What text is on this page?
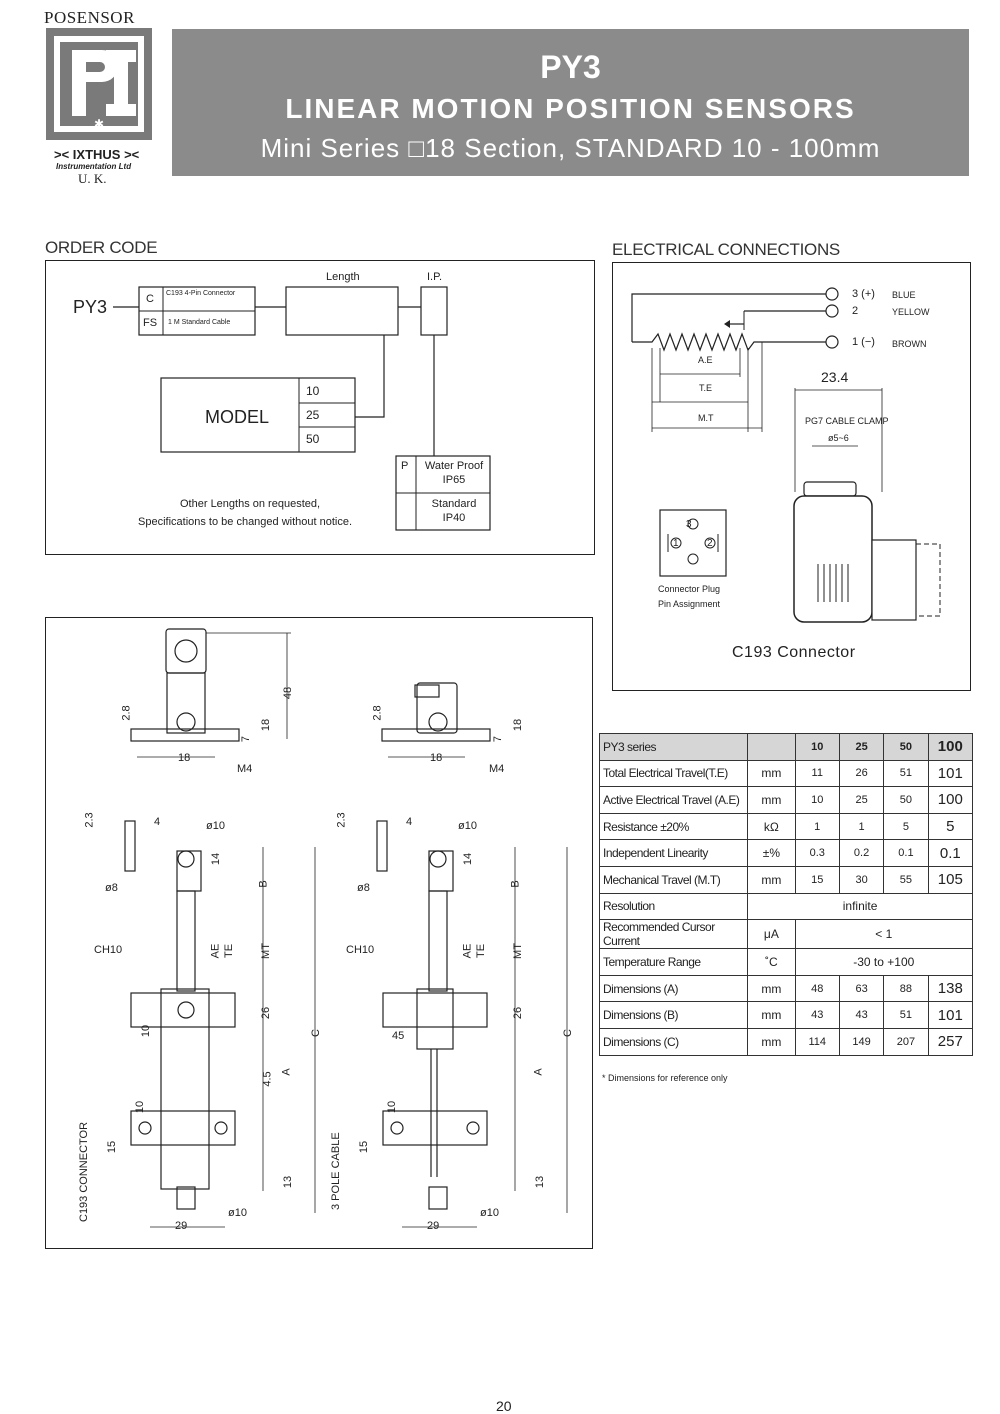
POSENSOR
✱
>< IXTHUS ><
Instrumentation Ltd
U. K.
PY3
LINEAR MOTION POSITION SENSORS
Mini Series □18 Section, STANDARD 10 - 100mm
ORDER CODE
PY3	C C193 4-Pin Connector
FS 1 M Standard Cable
Length	I.P.
MODEL
10
25
50
P	Water Proof IP65
Standard IP40
Other Lengths on requested,
Specifications to be changed without notice.
ELECTRICAL CONNECTIONS
3 (+) BLUE
2	YELLOW
1 (−) BROWN
A.E
T.E
M.T
23.4
PG7 CABLE CLAMP
ø5~6
3
1	2
Connector Plug
Pin Assignment
C193 Connector
2.8
18
48
7
18
M4
2.8
18
7
18
M4
2.3	4	ø10
ø8
14
B
CH10	AE TE MT
26
C
10
4.5 A
10
15
13
ø10
29
C193 CONNECTOR
2.3	4	ø10
ø8
14
B
CH10	AE TE MT
26
C
45
A
10
15
13
ø10
29
3 POLE CABLE
PY3 series		10	25	50	100
Total Electrical Travel(T.E)	mm	11	26	51	101
Active Electrical Travel (A.E)	mm	10	25	50	100
Resistance ±20%	kΩ	1	1	5	5
Independent Linearity	±%	0.3	0.2	0.1	0.1
Mechanical Travel (M.T)	mm	15	30	55	105
Resolution	infinite				
Recommended Cursor Current	μA	< 1			
Temperature Range	˚C	-30 to +100			
Dimensions (A)	mm	48	63	88	138
Dimensions (B)	mm	43	43	51	101
Dimensions (C)	mm	114	149	207	257
* Dimensions for reference only
20
